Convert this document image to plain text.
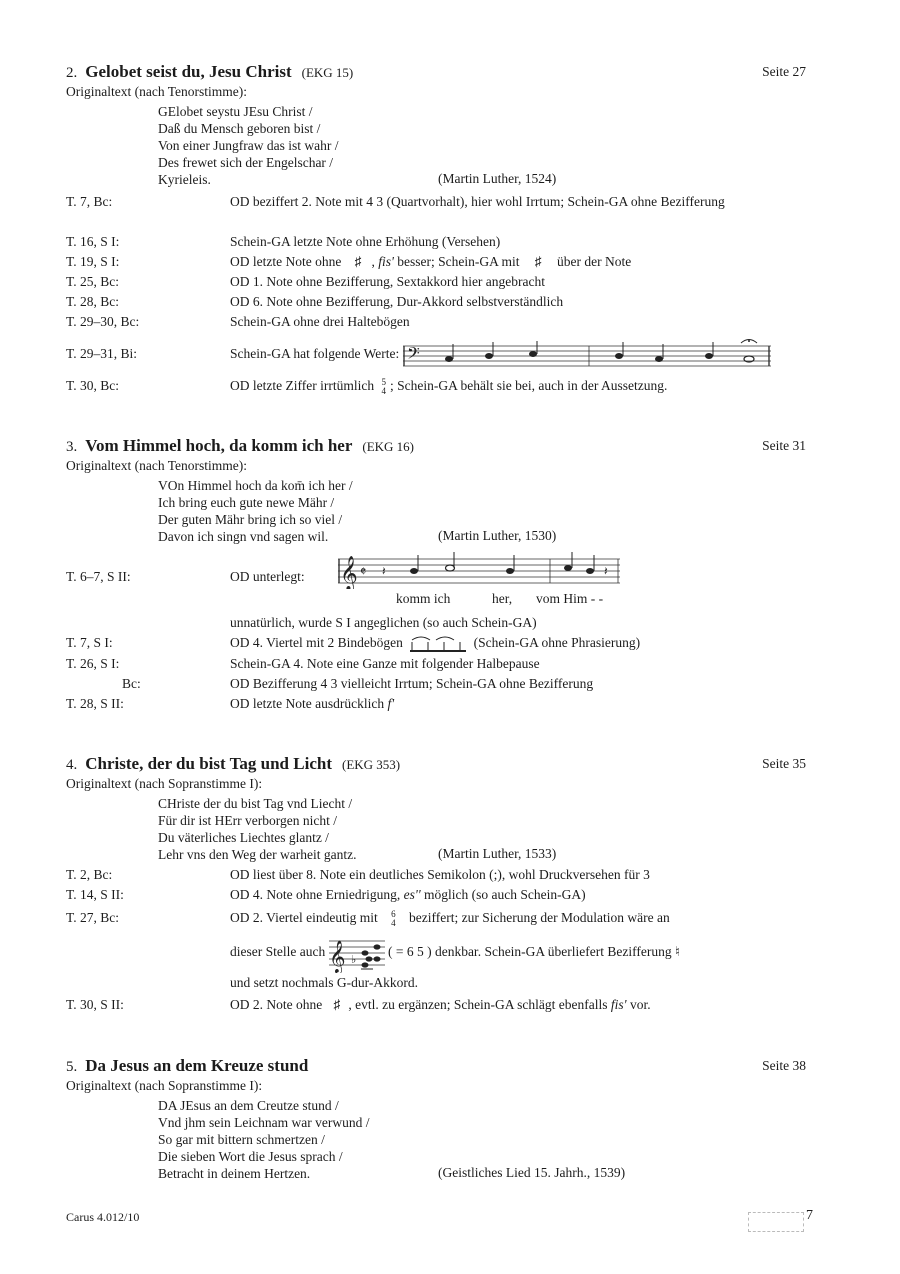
2. Gelobet seist du, Jesu Christ (EKG 15)	Seite 27
Originaltext (nach Tenorstimme):
GElobet seystu JEsu Christ /
Daß du Mensch geboren bist /
Von einer Jungfraw das ist wahr /
Des frewet sich der Engelschar /
Kyrieleis.	(Martin Luther, 1524)
T. 7, Bc:	OD beziffert 2. Note mit 4 3 (Quartvorhalt), hier wohl Irrtum; Schein-GA ohne Bezifferung
T. 16, S I:	Schein-GA letzte Note ohne Erhöhung (Versehen)
T. 19, S I:	OD letzte Note ohne ♯ , fis' besser; Schein-GA mit ♯ über der Note
T. 25, Bc:	OD 1. Note ohne Bezifferung, Sextakkord hier angebracht
T. 28, Bc:	OD 6. Note ohne Bezifferung, Dur-Akkord selbstverständlich
T. 29–30, Bc:	Schein-GA ohne drei Haltebögen
T. 29–31, Bi:	Schein-GA hat folgende Werte: 𝄢
T. 30, Bc:	OD letzte Ziffer irrtümlich 5
4 ; Schein-GA behält sie bei, auch in der Aussetzung.
3. Vom Himmel hoch, da komm ich her (EKG 16)	Seite 31
Originaltext (nach Tenorstimme):
VOn Himmel hoch da kom̄ ich her /
Ich bring euch gute newe Mähr /
Der guten Mähr bring ich so viel /
Davon ich singn vnd sagen wil.	(Martin Luther, 1530)
T. 6–7, S II:	OD unterlegt: 𝄞 𝄵 𝄽	𝄽
komm ich	her, vom Him - -
unnatürlich, wurde S I angeglichen (so auch Schein-GA)
T. 7, S I:	OD 4. Viertel mit 2 Bindebögen	(Schein-GA ohne Phrasierung)
T. 26, S I:	Schein-GA 4. Note eine Ganze mit folgender Halbepause
Bc:	OD Bezifferung 4 3 vielleicht Irrtum; Schein-GA ohne Bezifferung
T. 28, S II:	OD letzte Note ausdrücklich f'
4. Christe, der du bist Tag und Licht (EKG 353)	Seite 35
Originaltext (nach Sopranstimme I):
CHriste der du bist Tag vnd Liecht /
Für dir ist HErr verborgen nicht /
Du väterliches Liechtes glantz /
Lehr vns den Weg der warheit gantz.	(Martin Luther, 1533)
T. 2, Bc:	OD liest über 8. Note ein deutliches Semikolon (;), wohl Druckversehen für 3
T. 14, S II:	OD 4. Note ohne Erniedrigung, es'' möglich (so auch Schein-GA)
T. 27, Bc:	OD 2. Viertel eindeutig mit 6
4 beziffert; zur Sicherung der Modulation wäre an
dieser Stelle auch 𝄞 ♭
( = 6 5 ) denkbar. Schein-GA überliefert Bezifferung ♮
und setzt nochmals G-dur-Akkord.
T. 30, S II:	OD 2. Note ohne ♯ , evtl. zu ergänzen; Schein-GA schlägt ebenfalls fis' vor.
5. Da Jesus an dem Kreuze stund	Seite 38
Originaltext (nach Sopranstimme I):
DA JEsus an dem Creutze stund /
Vnd jhm sein Leichnam war verwund /
So gar mit bittern schmertzen /
Die sieben Wort die Jesus sprach /
Betracht in deinem Hertzen.	(Geistliches Lied 15. Jahrh., 1539)
Carus 4.012/10	7
